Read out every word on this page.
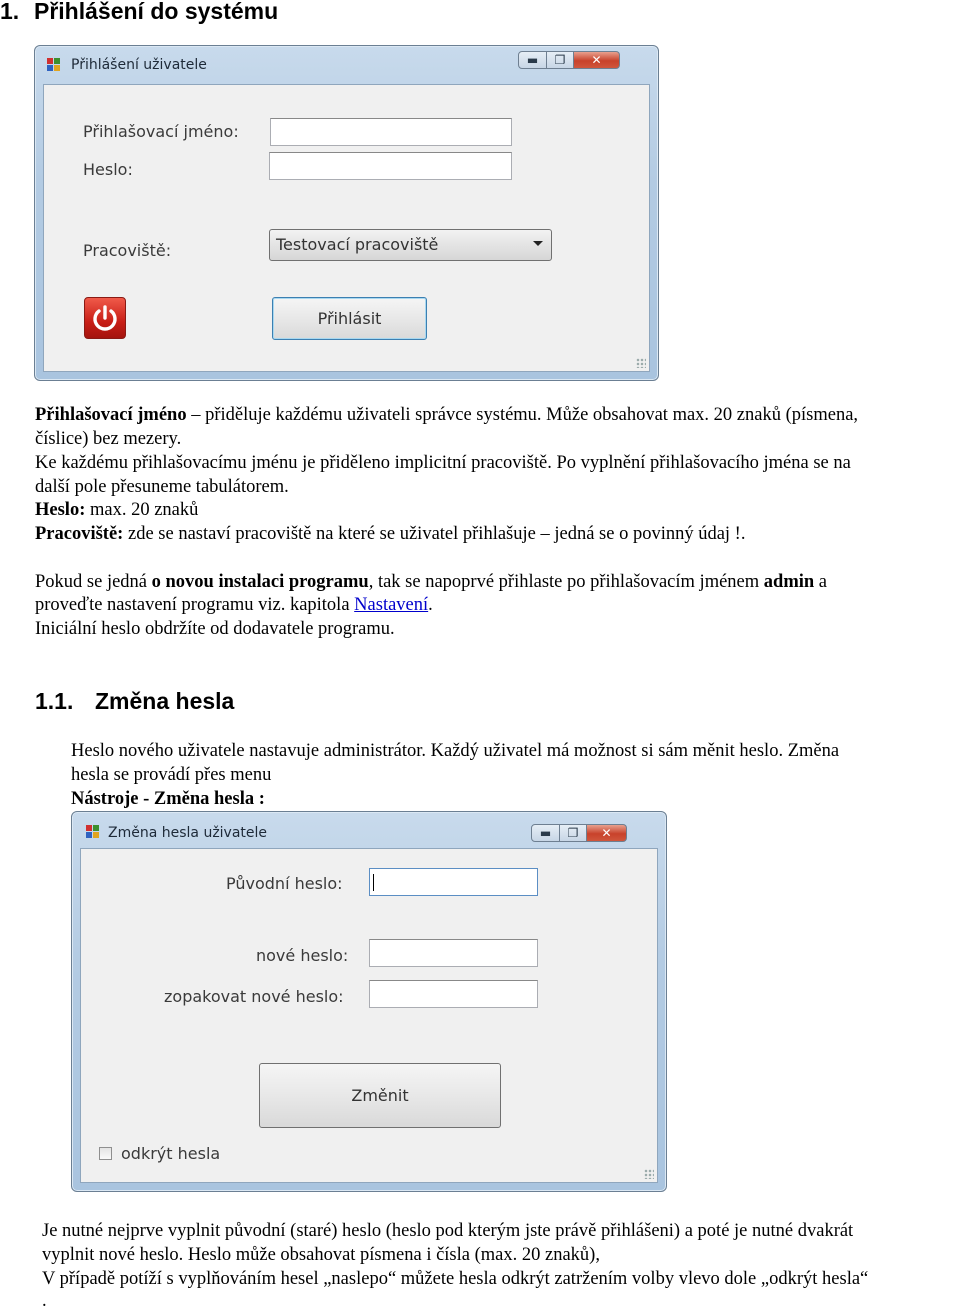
1. Přihlášení do systému
Přihlášení uživatele	▬	❐	✕
Přihlašovací jméno:
Heslo:
Pracoviště:	Testovací pracoviště
Přihlásit
Přihlašovací jméno – přiděluje každému uživateli správce systému. Může obsahovat max. 20 znaků (písmena,
číslice) bez mezery.
Ke každému přihlašovacímu jménu je přiděleno implicitní pracoviště. Po vyplnění přihlašovacího jména se na
další pole přesuneme tabulátorem.
Heslo: max. 20 znaků
Pracoviště: zde se nastaví pracoviště na které se uživatel přihlašuje – jedná se o povinný údaj !.
Pokud se jedná o novou instalaci programu, tak se napoprvé přihlaste po přihlašovacím jménem admin a
proveďte nastavení programu viz. kapitola Nastavení.
Iniciální heslo obdržíte od dodavatele programu.
1.1. Změna hesla
Heslo nového uživatele nastavuje administrátor. Každý uživatel má možnost si sám měnit heslo. Změna
hesla se provádí přes menu
Nástroje - Změna hesla :
Změna hesla uživatele	▬	❐	✕
Původní heslo:
nové heslo:
zopakovat nové heslo:
Změnit
odkrýt hesla
Je nutné nejprve vyplnit původní (staré) heslo (heslo pod kterým jste právě přihlášeni) a poté je nutné dvakrát
vyplnit nové heslo. Heslo může obsahovat písmena i čísla (max. 20 znaků),
V případě potíží s vyplňováním hesel „naslepo“ můžete hesla odkrýt zatržením volby vlevo dole „odkrýt hesla“
.
